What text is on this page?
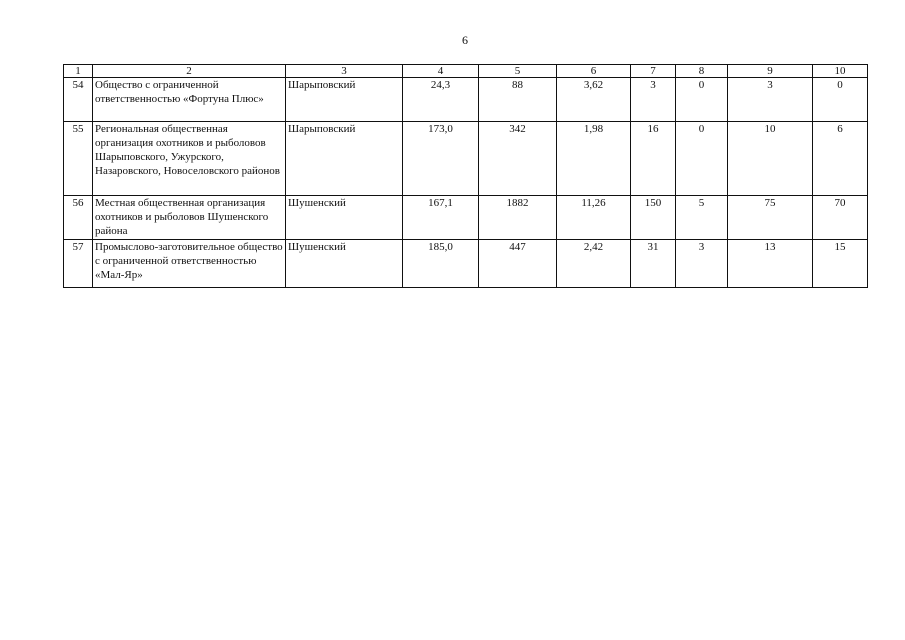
6
1	2	3	4	5	6	7	8	9	10
54	Общество с ограниченной ответственностью «Фортуна Плюс»	Шарыповский	24,3	88	3,62	3	0	3	0
55	Региональная общественная организация охотников и рыболовов Шарыповского, Ужурского, Назаровского, Новоселовского районов	Шарыповский	173,0	342	1,98	16	0	10	6
56	Местная общественная организация охотников и рыболовов Шушенского района	Шушенский	167,1	1882	11,26	150	5	75	70
57	Промыслово-заготовительное общество с ограниченной ответственностью «Мал-Яр»	Шушенский	185,0	447	2,42	31	3	13	15
